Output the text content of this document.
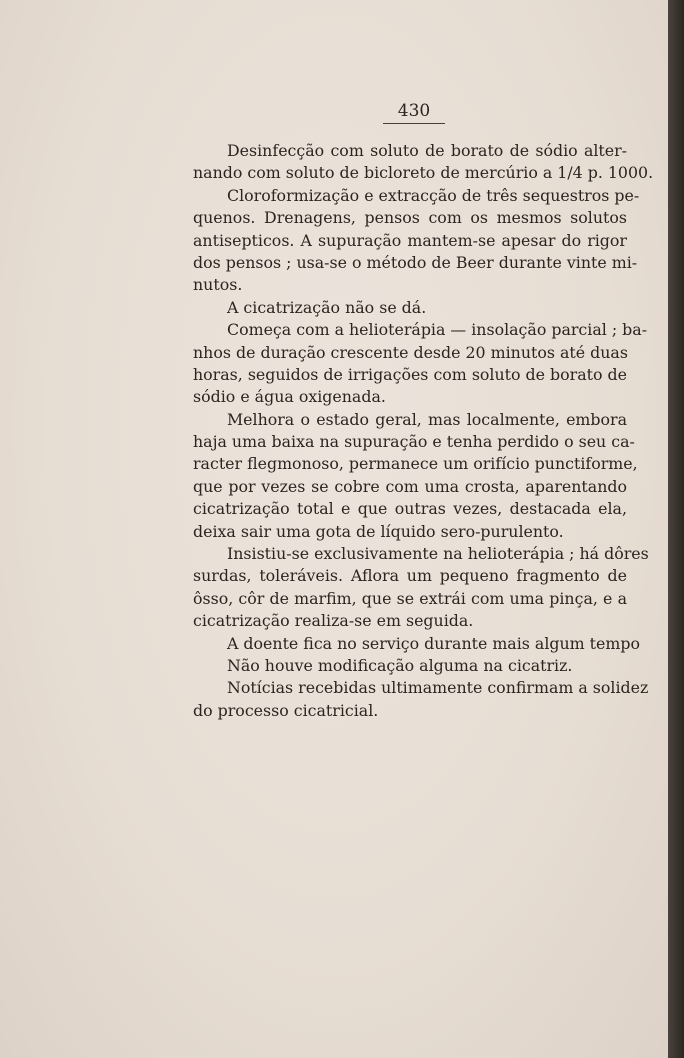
430
Desinfecção com soluto de borato de sódio alter-
nando com soluto de bicloreto de mercúrio a 1/4 p. 1000.
Cloroformização e extracção de três sequestros pe-
quenos. Drenagens, pensos com os mesmos solutos
antisepticos. A supuração mantem-se apesar do rigor
dos pensos ; usa-se o método de Beer durante vinte mi-
nutos.
A cicatrização não se dá.
Começa com a helioterápia — insolação parcial ; ba-
nhos de duração crescente desde 20 minutos até duas
horas, seguidos de irrigações com soluto de borato de
sódio e água oxigenada.
Melhora o estado geral, mas localmente, embora
haja uma baixa na supuração e tenha perdido o seu ca-
racter flegmonoso, permanece um orifício punctiforme,
que por vezes se cobre com uma crosta, aparentando
cicatrização total e que outras vezes, destacada ela,
deixa sair uma gota de líquido sero-purulento.
Insistiu-se exclusivamente na helioterápia ; há dôres
surdas, toleráveis. Aflora um pequeno fragmento de
ôsso, côr de marfim, que se extrái com uma pinça, e a
cicatrização realiza-se em seguida.
A doente fica no serviço durante mais algum tempo
Não houve modificação alguma na cicatriz.
Notícias recebidas ultimamente confirmam a solidez
do processo cicatricial.
